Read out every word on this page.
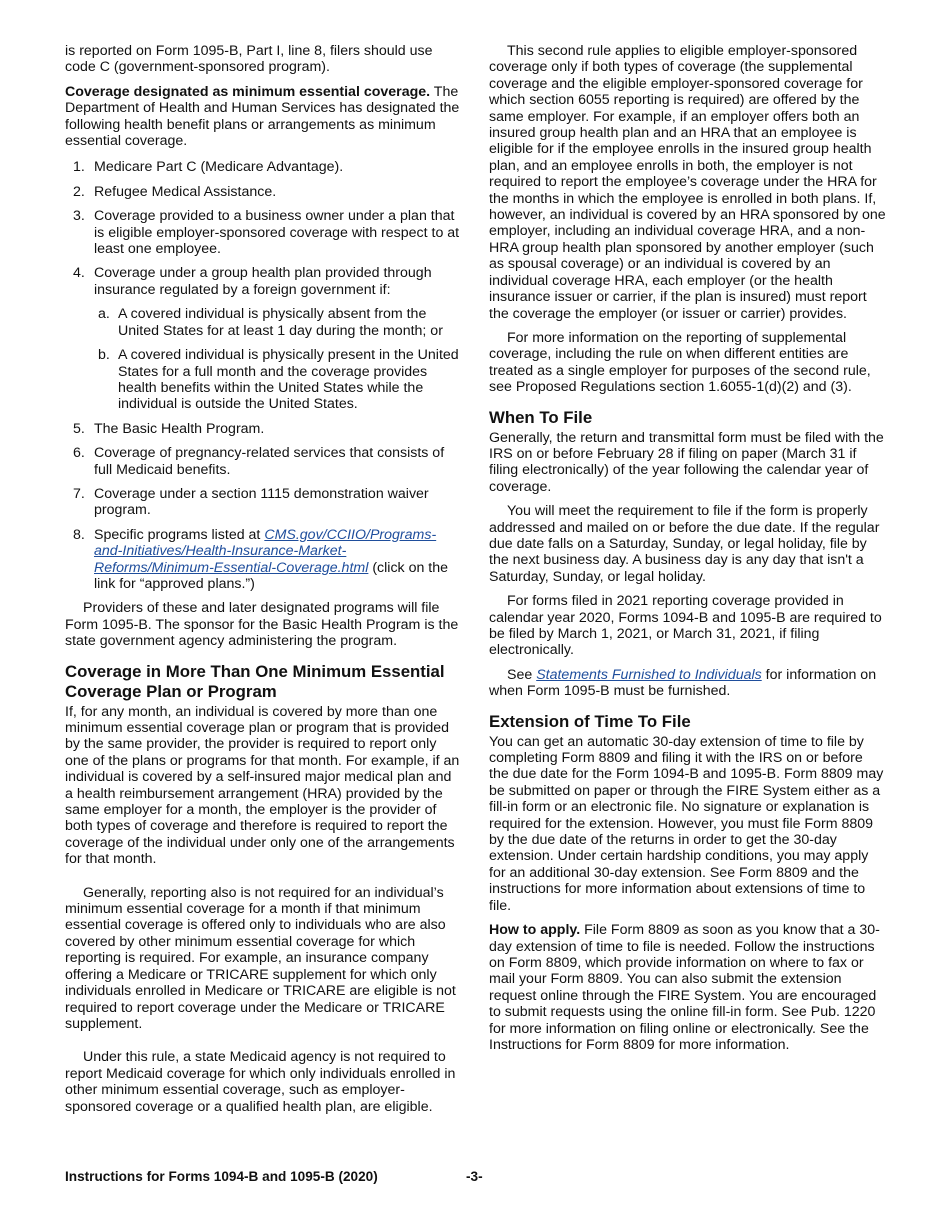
is reported on Form 1095-B, Part I, line 8, filers should use code C (government-sponsored program).

Coverage designated as minimum essential coverage. The Department of Health and Human Services has designated the following health benefit plans or arrangements as minimum essential coverage.

1. Medicare Part C (Medicare Advantage).
2. Refugee Medical Assistance.
3. Coverage provided to a business owner under a plan that is eligible employer-sponsored coverage with respect to at least one employee.
4. Coverage under a group health plan provided through insurance regulated by a foreign government if:
a. A covered individual is physically absent from the United States for at least 1 day during the month; or
b. A covered individual is physically present in the United States for a full month and the coverage provides health benefits within the United States while the individual is outside the United States.
5. The Basic Health Program.
6. Coverage of pregnancy-related services that consists of full Medicaid benefits.
7. Coverage under a section 1115 demonstration waiver program.
8. Specific programs listed at CMS.gov/CCIIO/Programs-and-Initiatives/Health-Insurance-Market-Reforms/Minimum-Essential-Coverage.html (click on the link for “approved plans.”)

Providers of these and later designated programs will file Form 1095-B. The sponsor for the Basic Health Program is the state government agency administering the program.

Coverage in More Than One Minimum Essential Coverage Plan or Program

If, for any month, an individual is covered by more than one minimum essential coverage plan or program that is provided by the same provider, the provider is required to report only one of the plans or programs for that month. For example, if an individual is covered by a self-insured major medical plan and a health reimbursement arrangement (HRA) provided by the same employer for a month, the employer is the provider of both types of coverage and therefore is required to report the coverage of the individual under only one of the arrangements for that month.

Generally, reporting also is not required for an individual’s minimum essential coverage for a month if that minimum essential coverage is offered only to individuals who are also covered by other minimum essential coverage for which reporting is required. For example, an insurance company offering a Medicare or TRICARE supplement for which only individuals enrolled in Medicare or TRICARE are eligible is not required to report coverage under the Medicare or TRICARE supplement.

Under this rule, a state Medicaid agency is not required to report Medicaid coverage for which only individuals enrolled in other minimum essential coverage, such as employer-sponsored coverage or a qualified health plan, are eligible.

This second rule applies to eligible employer-sponsored coverage only if both types of coverage (the supplemental coverage and the eligible employer-sponsored coverage for which section 6055 reporting is required) are offered by the same employer. For example, if an employer offers both an insured group health plan and an HRA that an employee is eligible for if the employee enrolls in the insured group health plan, and an employee enrolls in both, the employer is not required to report the employee’s coverage under the HRA for the months in which the employee is enrolled in both plans. If, however, an individual is covered by an HRA sponsored by one employer, including an individual coverage HRA, and a non-HRA group health plan sponsored by another employer (such as spousal coverage) or an individual is covered by an individual coverage HRA, each employer (or the health insurance issuer or carrier, if the plan is insured) must report the coverage the employer (or issuer or carrier) provides.

For more information on the reporting of supplemental coverage, including the rule on when different entities are treated as a single employer for purposes of the second rule, see Proposed Regulations section 1.6055-1(d)(2) and (3).

When To File

Generally, the return and transmittal form must be filed with the IRS on or before February 28 if filing on paper (March 31 if filing electronically) of the year following the calendar year of coverage.

You will meet the requirement to file if the form is properly addressed and mailed on or before the due date. If the regular due date falls on a Saturday, Sunday, or legal holiday, file by the next business day. A business day is any day that isn't a Saturday, Sunday, or legal holiday.

For forms filed in 2021 reporting coverage provided in calendar year 2020, Forms 1094-B and 1095-B are required to be filed by March 1, 2021, or March 31, 2021, if filing electronically.

See Statements Furnished to Individuals for information on when Form 1095-B must be furnished.

Extension of Time To File

You can get an automatic 30-day extension of time to file by completing Form 8809 and filing it with the IRS on or before the due date for the Form 1094-B and 1095-B. Form 8809 may be submitted on paper or through the FIRE System either as a fill-in form or an electronic file. No signature or explanation is required for the extension. However, you must file Form 8809 by the due date of the returns in order to get the 30-day extension. Under certain hardship conditions, you may apply for an additional 30-day extension. See Form 8809 and the instructions for more information about extensions of time to file.

How to apply. File Form 8809 as soon as you know that a 30-day extension of time to file is needed. Follow the instructions on Form 8809, which provide information on where to fax or mail your Form 8809. You can also submit the extension request online through the FIRE System. You are encouraged to submit requests using the online fill-in form. See Pub. 1220 for more information on filing online or electronically. See the Instructions for Form 8809 for more information.

Instructions for Forms 1094-B and 1095-B (2020)	-3-
